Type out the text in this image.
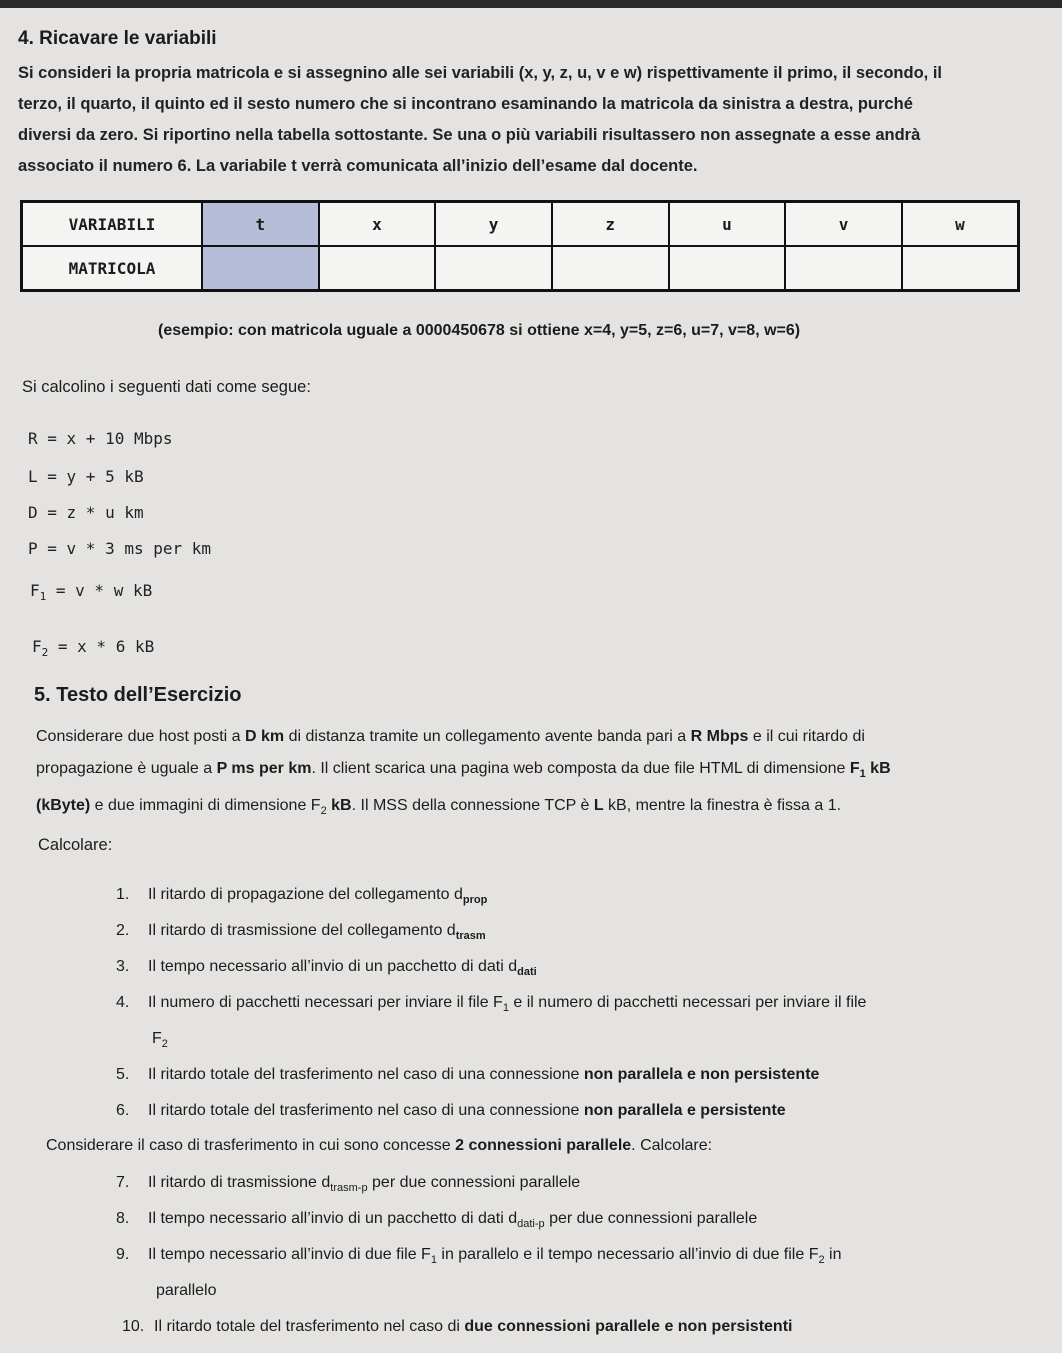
4. Ricavare le variabili

Si consideri la propria matricola e si assegnino alle sei variabili (x, y, z, u, v e w) rispettivamente il primo, il secondo, il

terzo, il quarto, il quinto ed il sesto numero che si incontrano esaminando la matricola da sinistra a destra, purché

diversi da zero. Si riportino nella tabella sottostante. Se una o più variabili risultassero non assegnate a esse andrà

associato il numero 6. La variabile t verrà comunicata all’inizio dell’esame dal docente.

VARIABILI	t	x	y	z	u	v	w
MATRICOLA							
(esempio: con matricola uguale a 0000450678 si ottiene x=4, y=5, z=6, u=7, v=8, w=6)
Si calcolino i seguenti dati come segue:
R = x + 10 Mbps
L = y + 5 kB
D = z * u km
P = v * 3 ms per km
$F_1 = v * w$ kB
$F_2 = x * 6$ kB
5. Testo dell’Esercizio

Considerare due host posti a D km di distanza tramite un collegamento avente banda pari a R Mbps e il cui ritardo di

propagazione è uguale a P ms per km. Il client scarica una pagina web composta da due file HTML di dimensione $F_1$ kB

(kByte) e due immagini di dimensione $F_2$ kB. Il MSS della connessione TCP è L kB, mentre la finestra è fissa a 1.

Calcolare:
1. Il ritardo di propagazione del collegamento $d_{prop}$
2. Il ritardo di trasmissione del collegamento $d_{trasm}$
3. Il tempo necessario all’invio di un pacchetto di dati $d_{dati}$
4. Il numero di pacchetti necessari per inviare il file $F_1$ e il numero di pacchetti necessari per inviare il file
$F_2$
5. Il ritardo totale del trasferimento nel caso di una connessione non parallela e non persistente
6. Il ritardo totale del trasferimento nel caso di una connessione non parallela e persistente
Considerare il caso di trasferimento in cui sono concesse 2 connessioni parallele. Calcolare:
7. Il ritardo di trasmissione $d_{trasm-p}$ per due connessioni parallele
8. Il tempo necessario all’invio di un pacchetto di dati $d_{dati-p}$ per due connessioni parallele
9. Il tempo necessario all’invio di due file $F_1$ in parallelo e il tempo necessario all’invio di due file $F_2$ in
parallelo
10. Il ritardo totale del trasferimento nel caso di due connessioni parallele e non persistenti
